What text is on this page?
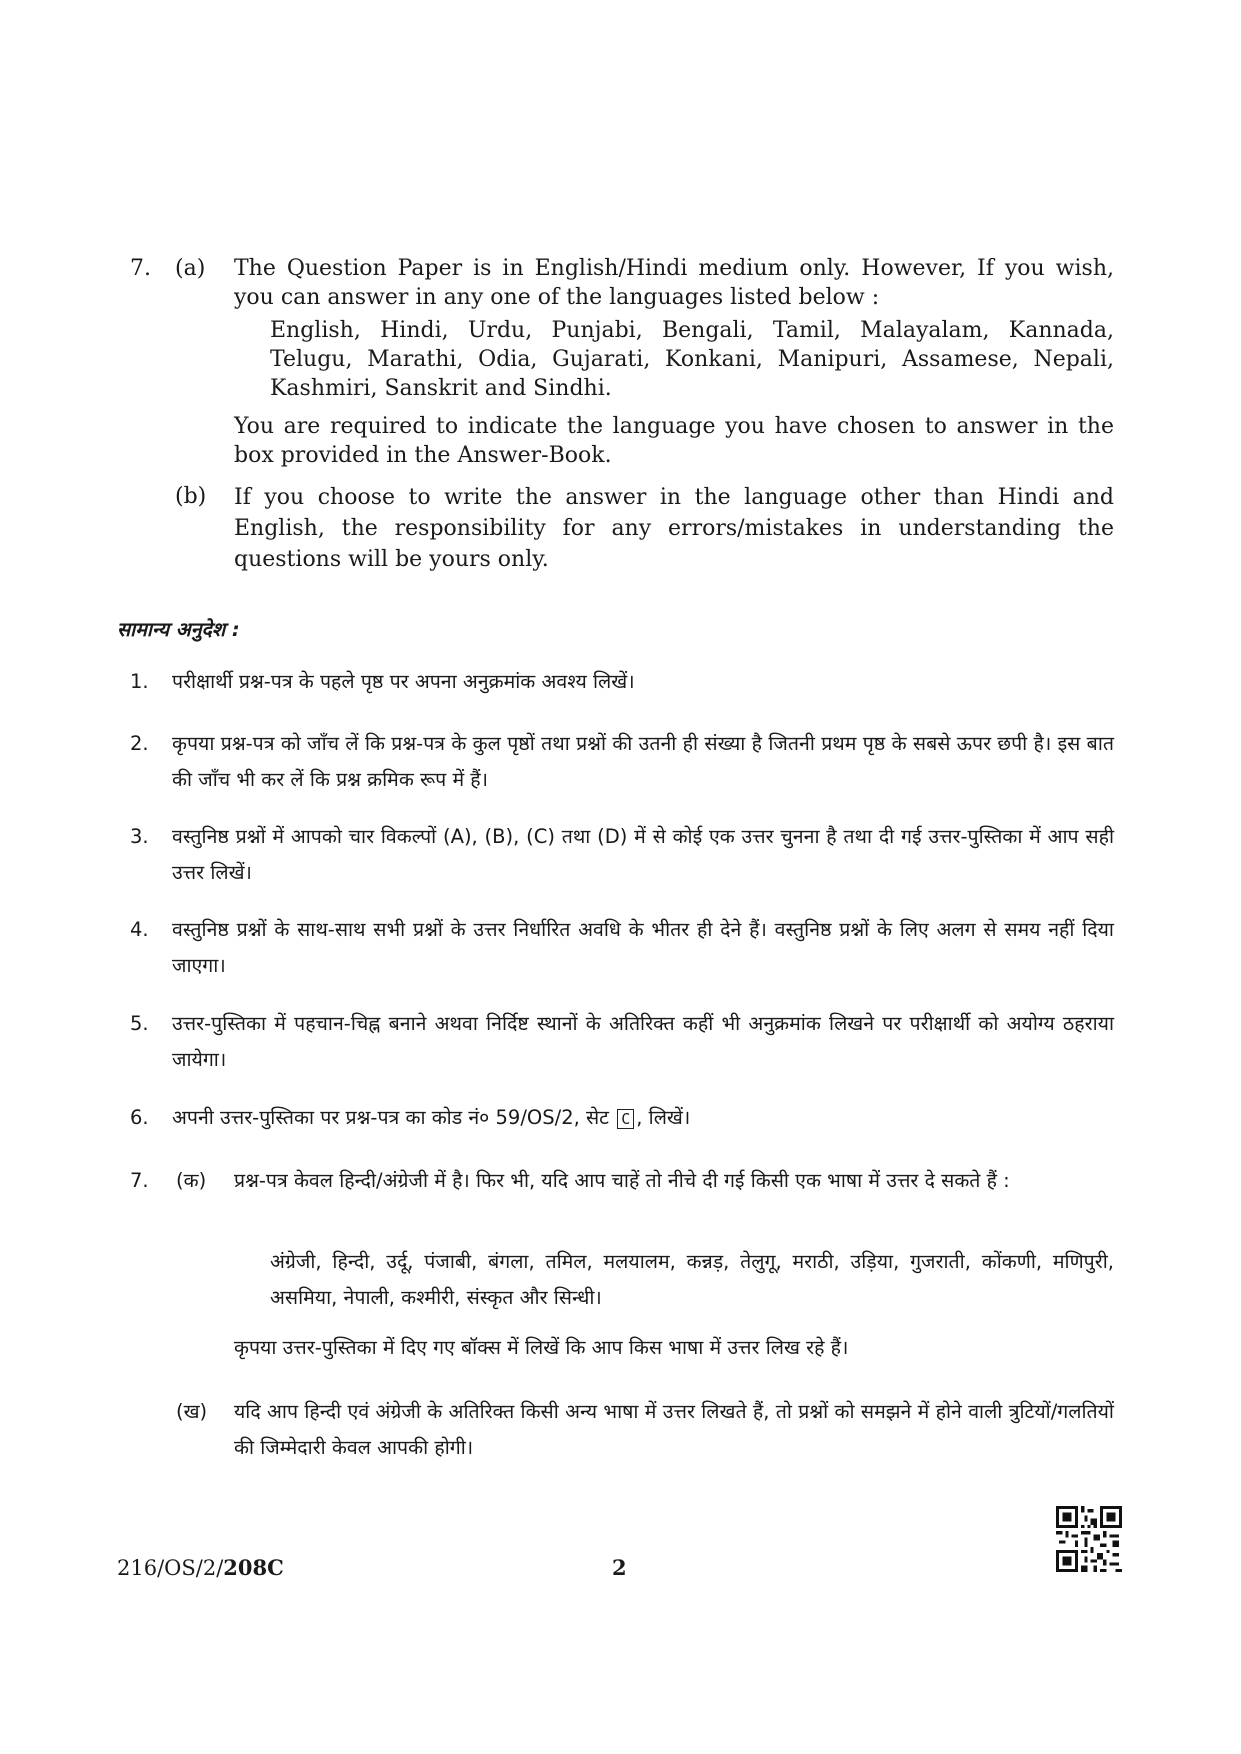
7. (a) The Question Paper is in English/Hindi medium only. However, If you wish, you can answer in any one of the languages listed below :
English, Hindi, Urdu, Punjabi, Bengali, Tamil, Malayalam, Kannada, Telugu, Marathi, Odia, Gujarati, Konkani, Manipuri, Assamese, Nepali, Kashmiri, Sanskrit and Sindhi.
You are required to indicate the language you have chosen to answer in the box provided in the Answer-Book.
(b) If you choose to write the answer in the language other than Hindi and English, the responsibility for any errors/mistakes in understanding the questions will be yours only.
सामान्य अनुदेश :
1. परीक्षार्थी प्रश्न-पत्र के पहले पृष्ठ पर अपना अनुक्रमांक अवश्य लिखें।
2. कृपया प्रश्न-पत्र को जाँच लें कि प्रश्न-पत्र के कुल पृष्ठों तथा प्रश्नों की उतनी ही संख्या है जितनी प्रथम पृष्ठ के सबसे ऊपर छपी है। इस बात की जाँच भी कर लें कि प्रश्न क्रमिक रूप में हैं।
3. वस्तुनिष्ठ प्रश्नों में आपको चार विकल्पों (A), (B), (C) तथा (D) में से कोई एक उत्तर चुनना है तथा दी गई उत्तर-पुस्तिका में आप सही उत्तर लिखें।
4. वस्तुनिष्ठ प्रश्नों के साथ-साथ सभी प्रश्नों के उत्तर निर्धारित अवधि के भीतर ही देने हैं। वस्तुनिष्ठ प्रश्नों के लिए अलग से समय नहीं दिया जाएगा।
5. उत्तर-पुस्तिका में पहचान-चिह्न बनाने अथवा निर्दिष्ट स्थानों के अतिरिक्त कहीं भी अनुक्रमांक लिखने पर परीक्षार्थी को अयोग्य ठहराया जायेगा।
6. अपनी उत्तर-पुस्तिका पर प्रश्न-पत्र का कोड नं० 59/OS/2, सेट C , लिखें।
7. (क) प्रश्न-पत्र केवल हिन्दी/अंग्रेजी में है। फिर भी, यदि आप चाहें तो नीचे दी गई किसी एक भाषा में उत्तर दे सकते हैं :
अंग्रेजी, हिन्दी, उर्दू, पंजाबी, बंगला, तमिल, मलयालम, कन्नड़, तेलुगू, मराठी, उड़िया, गुजराती, कोंकणी, मणिपुरी, असमिया, नेपाली, कश्मीरी, संस्कृत और सिन्धी।
कृपया उत्तर-पुस्तिका में दिए गए बॉक्स में लिखें कि आप किस भाषा में उत्तर लिख रहे हैं।
(ख) यदि आप हिन्दी एवं अंग्रेजी के अतिरिक्त किसी अन्य भाषा में उत्तर लिखते हैं, तो प्रश्नों को समझने में होने वाली त्रुटियों/गलतियों की जिम्मेदारी केवल आपकी होगी।
216/OS/2/208C	2
